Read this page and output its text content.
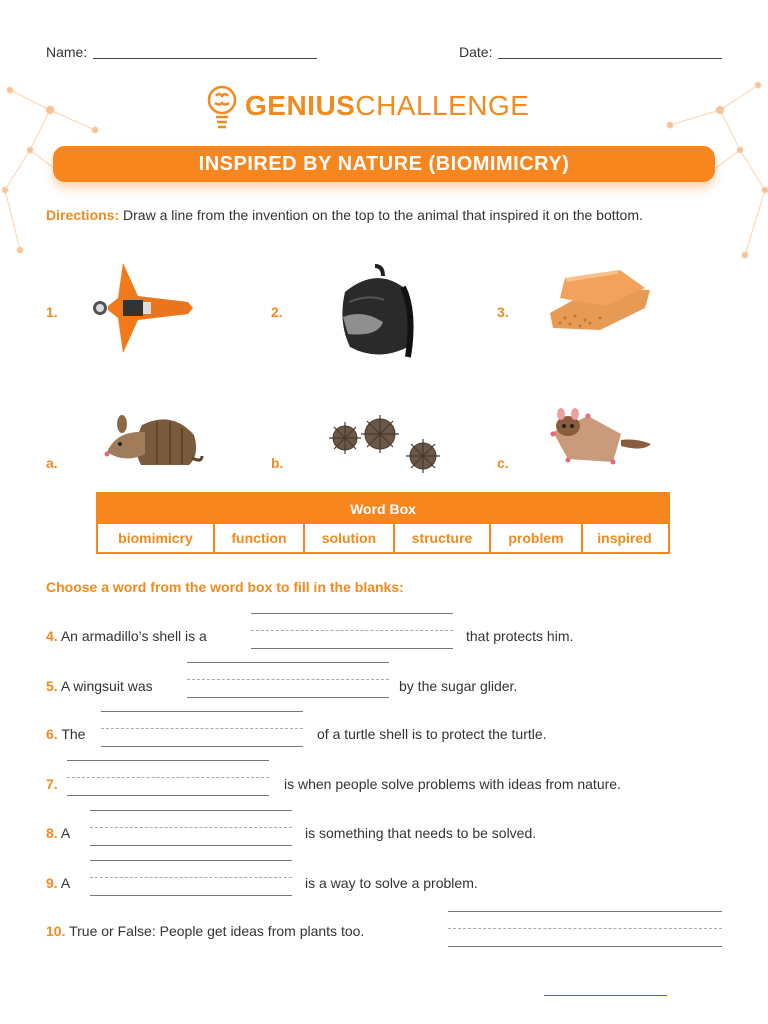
Name:	Date:
GENIUSCHALLENGE
INSPIRED BY NATURE (BIOMIMICRY)
Directions: Draw a line from the invention on the top to the animal that inspired it on the bottom.
1.	2.	3.
a.	b.	c.
Word Box
biomimicry	function	solution	structure	problem	inspired
Choose a word from the word box to fill in the blanks:
4. An armadillo’s shell is a	that protects him.
5. A wingsuit was	by the sugar glider.
6. The	of a turtle shell is to protect the turtle.
7.	is when people solve problems with ideas from nature.
8. A	is something that needs to be solved.
9. A	is a way to solve a problem.
10. True or False: People get ideas from plants too.
